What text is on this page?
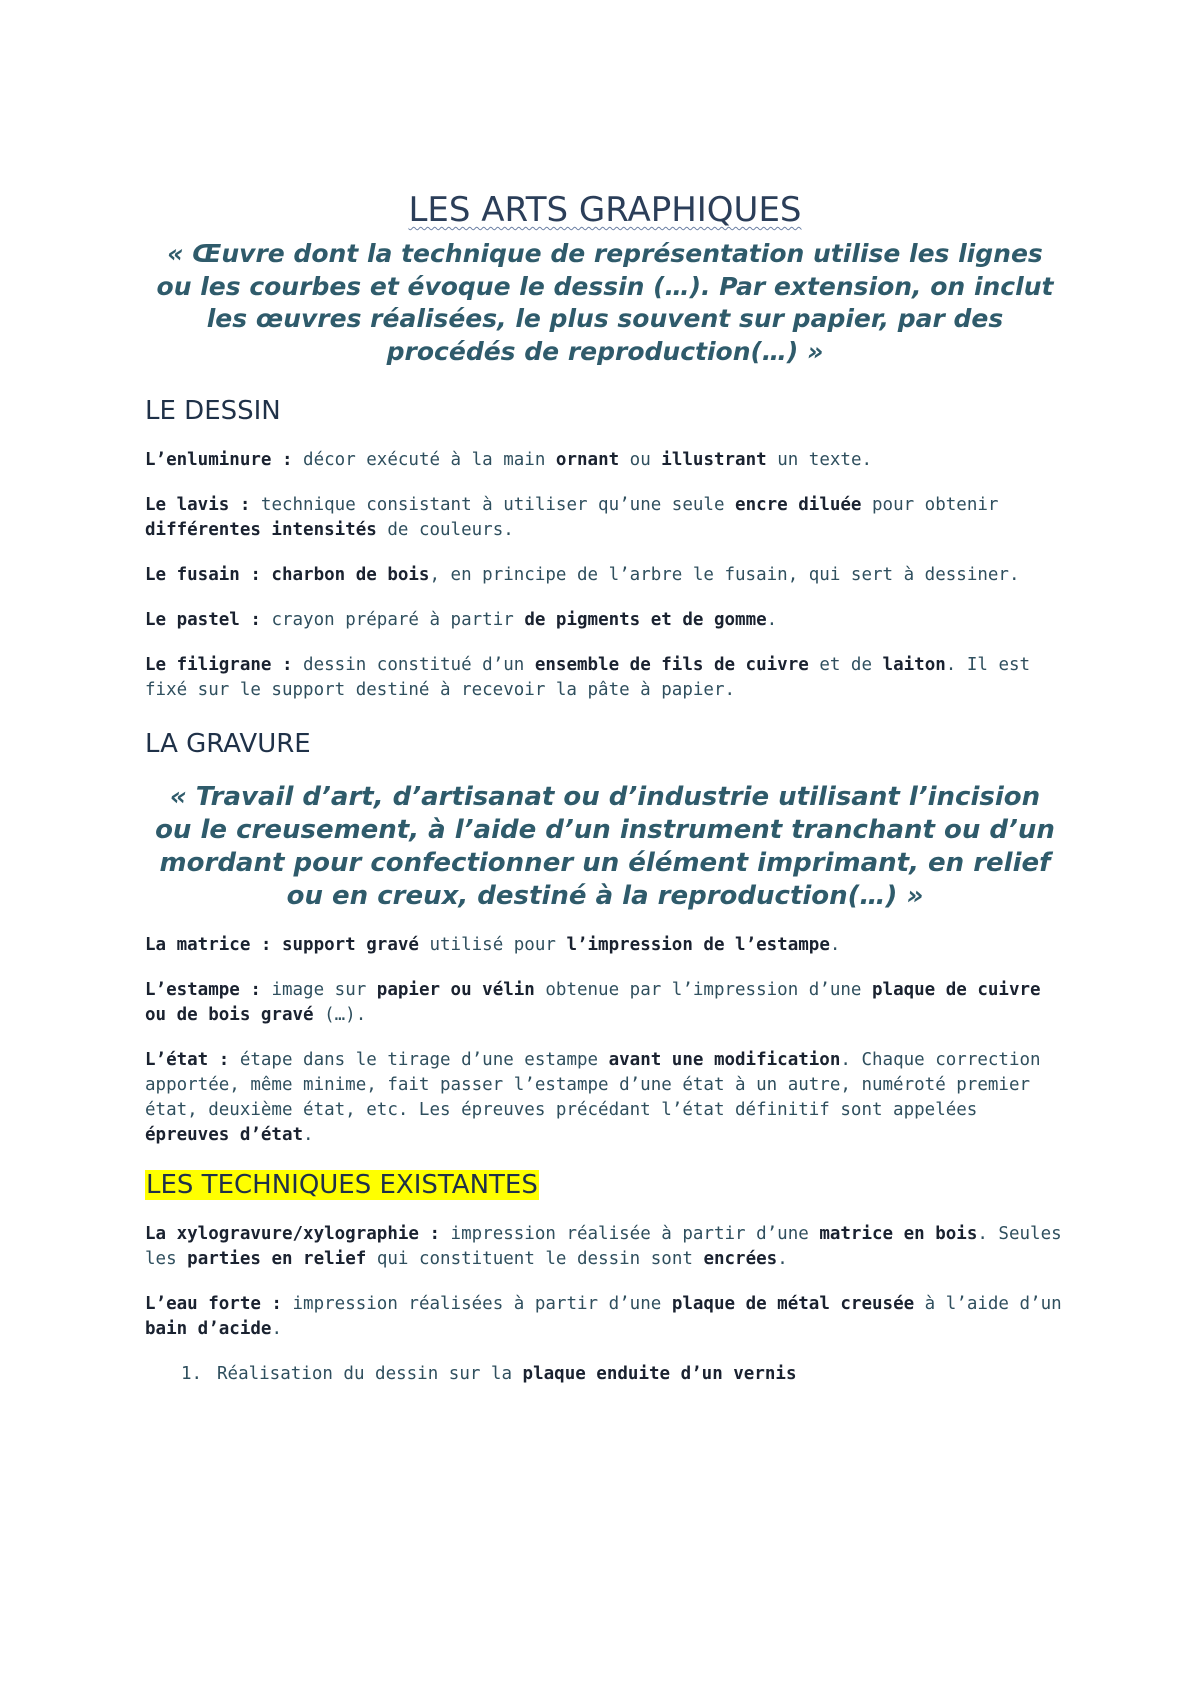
LES ARTS GRAPHIQUES

« Œuvre dont la technique de représentation utilise les lignes ou les courbes et évoque le dessin (…). Par extension, on inclut les œuvres réalisées, le plus souvent sur papier, par des procédés de reproduction(…) »

LE DESSIN

L’enluminure : décor exécuté à la main ornant ou illustrant un texte.

Le lavis : technique consistant à utiliser qu’une seule encre diluée pour obtenir différentes intensités de couleurs.

Le fusain : charbon de bois, en principe de l’arbre le fusain, qui sert à dessiner.

Le pastel : crayon préparé à partir de pigments et de gomme.

Le filigrane : dessin constitué d’un ensemble de fils de cuivre et de laiton. Il est fixé sur le support destiné à recevoir la pâte à papier.

LA GRAVURE

« Travail d’art, d’artisanat ou d’industrie utilisant l’incision ou le creusement, à l’aide d’un instrument tranchant ou d’un mordant pour confectionner un élément imprimant, en relief ou en creux, destiné à la reproduction(…) »

La matrice : support gravé utilisé pour l’impression de l’estampe.

L’estampe : image sur papier ou vélin obtenue par l’impression d’une plaque de cuivre ou de bois gravé (…).

L’état : étape dans le tirage d’une estampe avant une modification. Chaque correction apportée, même minime, fait passer l’estampe d’une état à un autre, numéroté premier état, deuxième état, etc. Les épreuves précédant l’état définitif sont appelées épreuves d’état.

LES TECHNIQUES EXISTANTES

La xylogravure/xylographie : impression réalisée à partir d’une matrice en bois. Seules les parties en relief qui constituent le dessin sont encrées.

L’eau forte : impression réalisées à partir d’une plaque de métal creusée à l’aide d’un bain d’acide.

1. Réalisation du dessin sur la plaque enduite d’un vernis
